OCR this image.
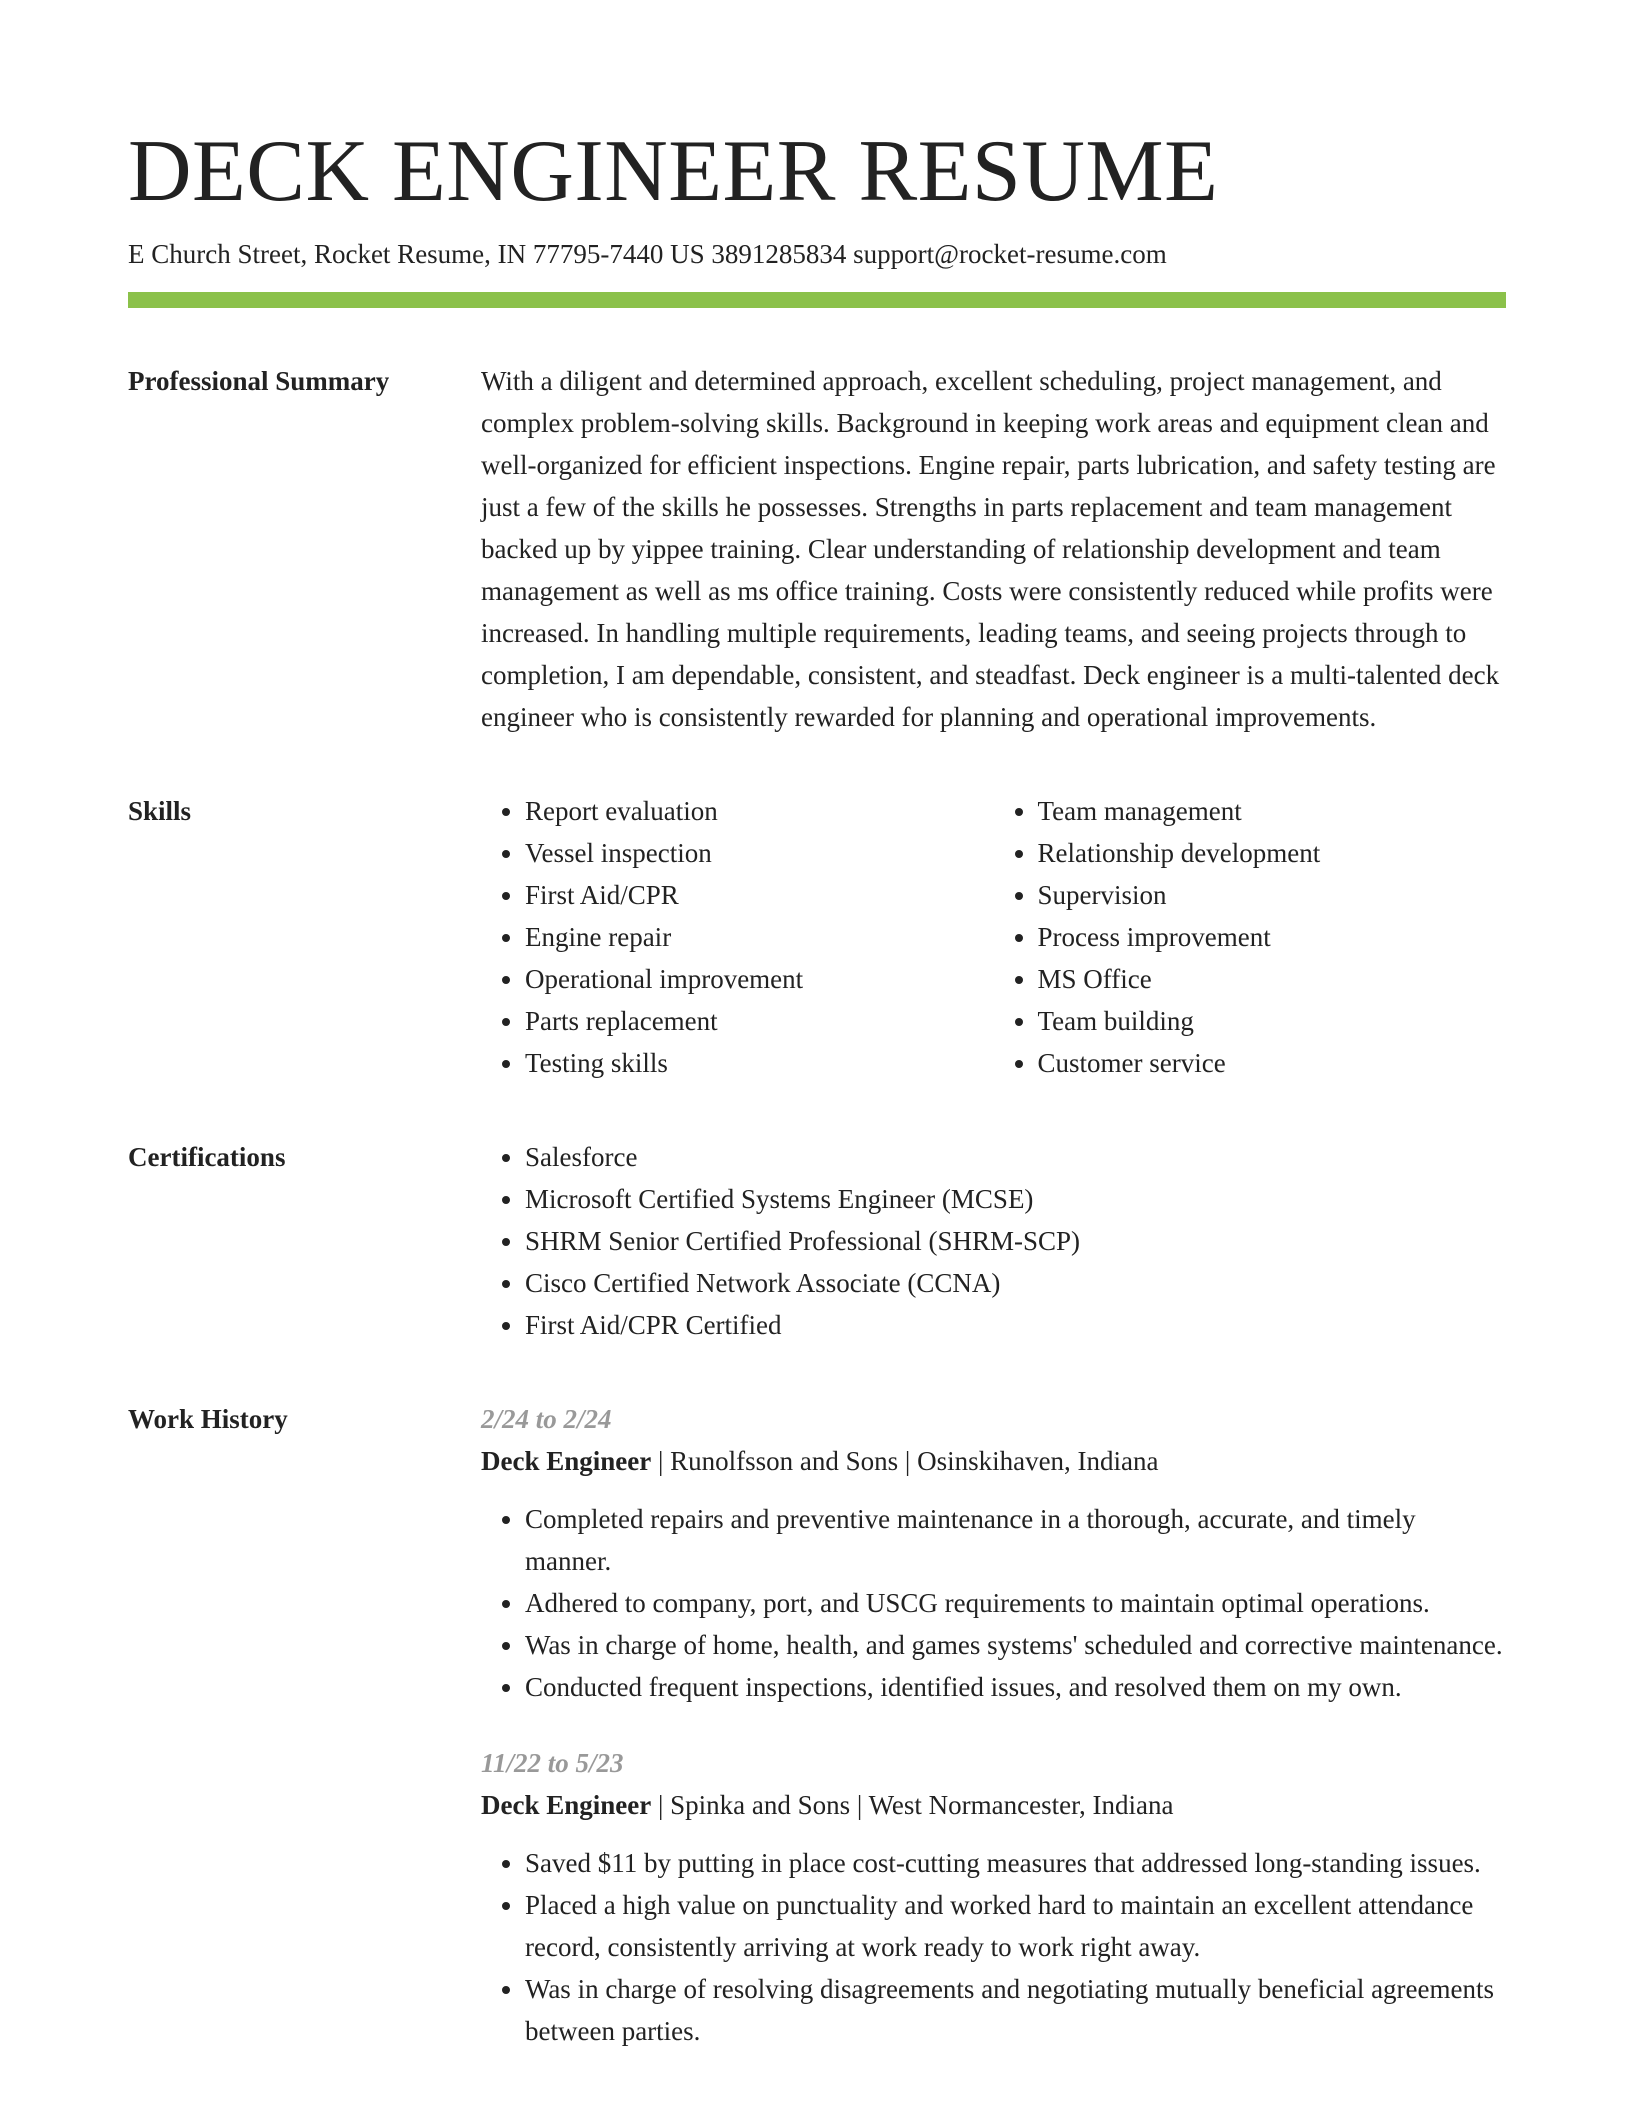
DECK ENGINEER RESUME
E Church Street, Rocket Resume, IN 77795-7440 US 3891285834 support@rocket-resume.com
Professional Summary	With a diligent and determined approach, excellent scheduling, project management, and complex problem-solving skills. Background in keeping work areas and equipment clean and well-organized for efficient inspections. Engine repair, parts lubrication, and safety testing are just a few of the skills he possesses. Strengths in parts replacement and team management backed up by yippee training. Clear understanding of relationship development and team management as well as ms office training. Costs were consistently reduced while profits were increased. In handling multiple requirements, leading teams, and seeing projects through to completion, I am dependable, consistent, and steadfast. Deck engineer is a multi-talented deck engineer who is consistently rewarded for planning and operational improvements.

Skills	• Report evaluation
• Vessel inspection
• First Aid/CPR
• Engine repair
• Operational improvement
• Parts replacement
• Testing skills
• Team management
• Relationship development
• Supervision
• Process improvement
• MS Office
• Team building
• Customer service
Certifications	• Salesforce
• Microsoft Certified Systems Engineer (MCSE)
• SHRM Senior Certified Professional (SHRM-SCP)
• Cisco Certified Network Associate (CCNA)
• First Aid/CPR Certified
Work History	2/24 to 2/24
Deck Engineer | Runolfsson and Sons | Osinskihaven, Indiana
• Completed repairs and preventive maintenance in a thorough, accurate, and timely manner.
• Adhered to company, port, and USCG requirements to maintain optimal operations.
• Was in charge of home, health, and games systems' scheduled and corrective maintenance.
• Conducted frequent inspections, identified issues, and resolved them on my own.
11/22 to 5/23
Deck Engineer | Spinka and Sons | West Normancester, Indiana
• Saved $11 by putting in place cost-cutting measures that addressed long-standing issues.
• Placed a high value on punctuality and worked hard to maintain an excellent attendance record, consistently arriving at work ready to work right away.
• Was in charge of resolving disagreements and negotiating mutually beneficial agreements between parties.
